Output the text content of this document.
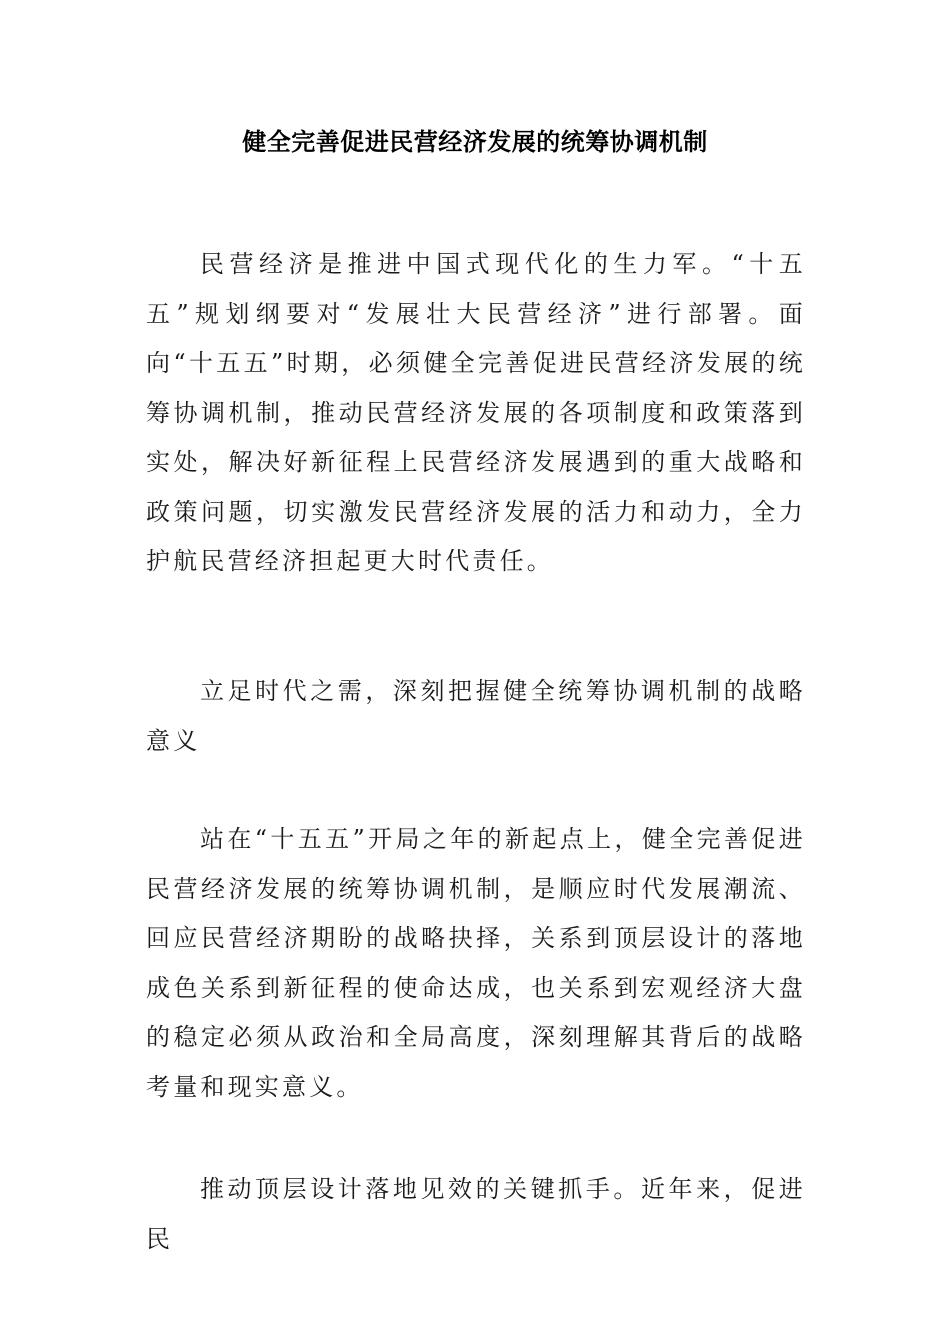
健全完善促进民营经济发展的统筹协调机制

民营经济是推进中国式现代化的生力军。“十五五”规划纲要对“发展壮大民营经济”进行部署。面向“十五五”时期，必须健全完善促进民营经济发展的统筹协调机制，推动民营经济发展的各项制度和政策落到实处，解决好新征程上民营经济发展遇到的重大战略和政策问题，切实激发民营经济发展的活力和动力，全力护航民营经济担起更大时代责任。

立足时代之需，深刻把握健全统筹协调机制的战略意义

站在“十五五”开局之年的新起点上，健全完善促进民营经济发展的统筹协调机制，是顺应时代发展潮流、回应民营经济期盼的战略抉择，关系到顶层设计的落地成色关系到新征程的使命达成，也关系到宏观经济大盘的稳定必须从政治和全局高度，深刻理解其背后的战略考量和现实意义。

推动顶层设计落地见效的关键抓手。近年来，促进民
